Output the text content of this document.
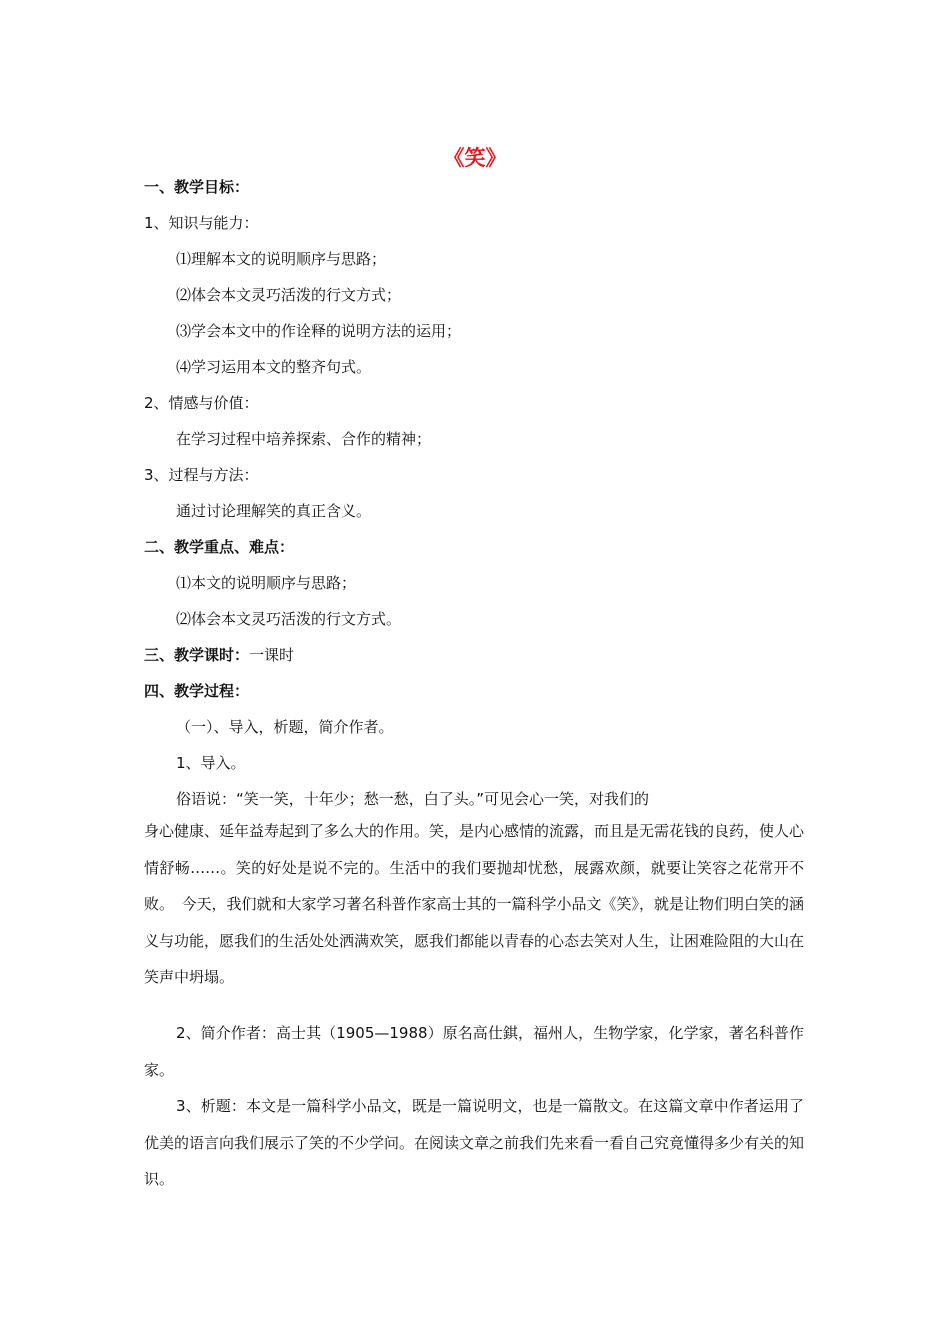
《笑》
一、教学目标：
1、知识与能力：
⑴理解本文的说明顺序与思路；
⑵体会本文灵巧活泼的行文方式；
⑶学会本文中的作诠释的说明方法的运用；
⑷学习运用本文的整齐句式。
2、情感与价值：
在学习过程中培养探索、合作的精神；
3、过程与方法：
通过讨论理解笑的真正含义。
二、教学重点、难点：
⑴本文的说明顺序与思路；
⑵体会本文灵巧活泼的行文方式。
三、教学课时：一课时
四、教学过程：
（一）、导入，析题，简介作者。
1、导入。
俗语说：“笑一笑，十年少；愁一愁，白了头。”可见会心一笑，对我们的
身心健康、延年益寿起到了多么大的作用。笑，是内心感情的流露，而且是无需花钱的良药，使人心情舒畅……。笑的好处是说不完的。生活中的我们要抛却忧愁，展露欢颜，就要让笑容之花常开不败。　今天，我们就和大家学习著名科普作家高士其的一篇科学小品文《笑》，就是让物们明白笑的涵义与功能，愿我们的生活处处洒满欢笑，愿我们都能以青春的心态去笑对人生，让困难险阻的大山在笑声中坍塌。
2、简介作者：高士其（1905—1988）原名高仕錤，福州人，生物学家，化学家，著名科普作家。
3、析题：本文是一篇科学小品文，既是一篇说明文，也是一篇散文。在这篇文章中作者运用了优美的语言向我们展示了笑的不少学问。在阅读文章之前我们先来看一看自己究竟懂得多少有关的知识。
